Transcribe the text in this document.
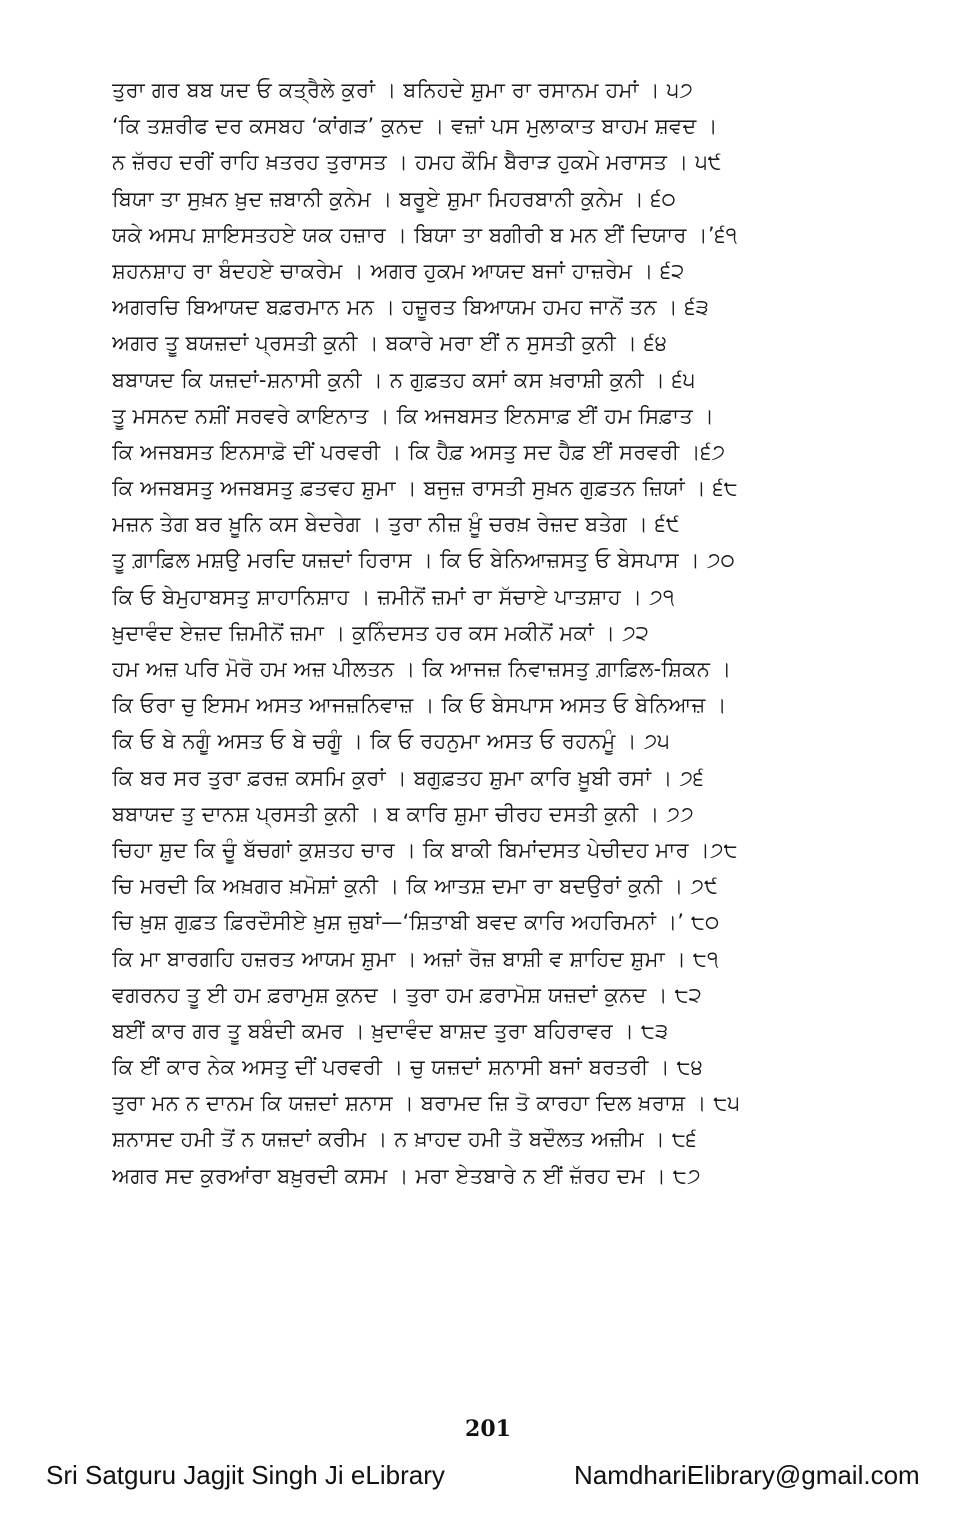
ਤੁਰਾ ਗਰ ਬਬ ਯਦ ਓ ਕਤ੍ਰੈਲੇ ਕੁਰਾਂ । ਬਨਿਹਦੇ ਸ਼ੁਮਾ ਰਾ ਰਸਾਨਮ ਹਮਾਂ । ੫੭
‘ਕਿ ਤਸ਼ਰੀਫ ਦਰ ਕਸਬਹ ‘ਕਾਂਗੜ’ ਕੁਨਦ । ਵਜ਼ਾਂ ਪਸ ਮੁਲਾਕਾਤ ਬਾਹਮ ਸ਼ਵਦ ।
ਨ ਜ਼ੱਰਹ ਦਰੀਂ ਰਾਹਿ ਖ਼ਤਰਹ ਤੁਰਾਸਤ । ਹਮਹ ਕੌਮਿ ਬੈਰਾੜ ਹੁਕਮੇ ਮਰਾਸਤ । ੫੯
ਬਿਯਾ ਤਾ ਸੁਖ਼ਨ ਖ਼ੁਦ ਜ਼ਬਾਨੀ ਕੁਨੇਮ । ਬਰੂਏ ਸ਼ੁਮਾ ਮਿਹਰਬਾਨੀ ਕੁਨੇਮ । ੬੦
ਯਕੇ ਅਸਪ ਸ਼ਾਇਸਤਹਏ ਯਕ ਹਜ਼ਾਰ । ਬਿਯਾ ਤਾ ਬਗੀਰੀ ਬ ਮਨ ਈਂ ਦਿਯਾਰ ।’੬੧
ਸ਼ਹਨਸ਼ਾਹ ਰਾ ਬੰਦਹਏ ਚਾਕਰੇਮ । ਅਗਰ ਹੁਕਮ ਆਯਦ ਬਜਾਂ ਹਾਜ਼ਰੇਮ । ੬੨
ਅਗਰਚਿ ਬਿਆਯਦ ਬਫ਼ਰਮਾਨ ਮਨ । ਹਜ਼ੂਰਤ ਬਿਆਯਮ ਹਮਹ ਜਾਨੋਂ ਤਨ । ੬੩
ਅਗਰ ਤੂ ਬਯਜ਼ਦਾਂ ਪ੍ਰਸਤੀ ਕੁਨੀ । ਬਕਾਰੇ ਮਰਾ ਈਂ ਨ ਸੁਸਤੀ ਕੁਨੀ । ੬੪
ਬਬਾਯਦ ਕਿ ਯਜ਼ਦਾਂ-ਸ਼ਨਾਸੀ ਕੁਨੀ । ਨ ਗੁਫ਼ਤਹ ਕਸਾਂ ਕਸ ਖ਼ਰਾਸ਼ੀ ਕੁਨੀ । ੬੫
ਤੂ ਮਸਨਦ ਨਸ਼ੀਂ ਸਰਵਰੇ ਕਾਇਨਾਤ । ਕਿ ਅਜਬਸਤ ਇਨਸਾਫ਼ ਈਂ ਹਮ ਸਿਫ਼ਾਤ ।
ਕਿ ਅਜਬਸਤ ਇਨਸਾਫ਼ੋ ਦੀਂ ਪਰਵਰੀ । ਕਿ ਹੈਫ਼ ਅਸਤੁ ਸਦ ਹੈਫ਼ ਈਂ ਸਰਵਰੀ ।੬੭
ਕਿ ਅਜਬਸਤੁ ਅਜਬਸਤੁ ਫ਼ਤਵਹ ਸ਼ੁਮਾ । ਬਜੁਜ਼ ਰਾਸਤੀ ਸੁਖ਼ਨ ਗੁਫ਼ਤਨ ਜ਼ਿਯਾਂ । ੬੮
ਮਜ਼ਨ ਤੇਗ ਬਰ ਖ਼ੂਨਿ ਕਸ ਬੇਦਰੇਗ । ਤੁਰਾ ਨੀਜ਼ ਖ਼ੂੰ ਚਰਖ਼ ਰੇਜ਼ਦ ਬਤੇਗ । ੬੯
ਤੂ ਗ਼ਾਫ਼ਿਲ ਮਸ਼ਉ ਮਰਦਿ ਯਜ਼ਦਾਂ ਹਿਰਾਸ । ਕਿ ਓ ਬੇਨਿਆਜ਼ਸਤੁ ਓ ਬੇਸਪਾਸ । ੭੦
ਕਿ ਓ ਬੇਮੁਹਾਬਸਤੁ ਸ਼ਾਹਾਨਿਸ਼ਾਹ । ਜ਼ਮੀਨੋਂ ਜ਼ਮਾਂ ਰਾ ਸੱਚਾਏ ਪਾਤਸ਼ਾਹ । ੭੧
ਖ਼ੁਦਾਵੰਦ ਏਜ਼ਦ ਜ਼ਿਮੀਨੋਂ ਜ਼ਮਾ । ਕੁਨਿੰਦਸਤ ਹਰ ਕਸ ਮਕੀਨੋਂ ਮਕਾਂ । ੭੨
ਹਮ ਅਜ਼ ਪਰਿ ਮੋਰੋ ਹਮ ਅਜ਼ ਪੀਲਤਨ । ਕਿ ਆਜਜ਼ ਨਿਵਾਜ਼ਸਤੁ ਗ਼ਾਫ਼ਿਲ-ਸ਼ਿਕਨ ।
ਕਿ ਓਰਾ ਚੁ ਇਸਮ ਅਸਤ ਆਜਜ਼ਨਿਵਾਜ਼ । ਕਿ ਓ ਬੇਸਪਾਸ ਅਸਤ ਓ ਬੇਨਿਆਜ਼ ।
ਕਿ ਓ ਬੇ ਨਗੂੰ ਅਸਤ ਓ ਬੇ ਚਗੂੰ । ਕਿ ਓ ਰਹਨੁਮਾ ਅਸਤ ਓ ਰਹਨਮੂੰ । ੭੫
ਕਿ ਬਰ ਸਰ ਤੁਰਾ ਫ਼ਰਜ਼ ਕਸਮਿ ਕੁਰਾਂ । ਬਗੁਫ਼ਤਹ ਸ਼ੁਮਾ ਕਾਰਿ ਖ਼ੂਬੀ ਰਸਾਂ । ੭੬
ਬਬਾਯਦ ਤੁ ਦਾਨਸ਼ ਪ੍ਰਸਤੀ ਕੁਨੀ । ਬ ਕਾਰਿ ਸ਼ੁਮਾ ਚੀਰਹ ਦਸਤੀ ਕੁਨੀ । ੭੭
ਚਿਹਾ ਸ਼ੁਦ ਕਿ ਚੂੰ ਬੱਚਗਾਂ ਕੁਸ਼ਤਹ ਚਾਰ । ਕਿ ਬਾਕੀ ਬਿਮਾਂਦਸਤ ਪੇਚੀਦਹ ਮਾਰ ।੭੮
ਚਿ ਮਰਦੀ ਕਿ ਅਖ਼ਗਰ ਖ਼ਮੋਸ਼ਾਂ ਕੁਨੀ । ਕਿ ਆਤਸ਼ ਦਮਾ ਰਾ ਬਦਉਰਾਂ ਕੁਨੀ । ੭੯
ਚਿ ਖ਼ੁਸ਼ ਗੁਫ਼ਤ ਫ਼ਿਰਦੌਸੀਏ ਖ਼ੁਸ਼ ਜ਼ੁਬਾਂ—‘ਸ਼ਿਤਾਬੀ ਬਵਦ ਕਾਰਿ ਅਹਰਿਮਨਾਂ ।’ ੮੦
ਕਿ ਮਾ ਬਾਰਗਹਿ ਹਜ਼ਰਤ ਆਯਮ ਸ਼ੁਮਾ । ਅਜ਼ਾਂ ਰੋਜ਼ ਬਾਸ਼ੀ ਵ ਸ਼ਾਹਿਦ ਸ਼ੁਮਾ । ੮੧
ਵਗਰਨਹ ਤੂ ਈ ਹਮ ਫ਼ਰਾਮੁਸ਼ ਕੁਨਦ । ਤੁਰਾ ਹਮ ਫ਼ਰਾਮੋਸ਼ ਯਜ਼ਦਾਂ ਕੁਨਦ । ੮੨
ਬਈਂ ਕਾਰ ਗਰ ਤੂ ਬਬੰਦੀ ਕਮਰ । ਖ਼ੁਦਾਵੰਦ ਬਾਸ਼ਦ ਤੁਰਾ ਬਹਿਰਾਵਰ । ੮੩
ਕਿ ਈਂ ਕਾਰ ਨੇਕ ਅਸਤੁ ਦੀਂ ਪਰਵਰੀ । ਚੁ ਯਜ਼ਦਾਂ ਸ਼ਨਾਸੀ ਬਜਾਂ ਬਰਤਰੀ । ੮੪
ਤੁਰਾ ਮਨ ਨ ਦਾਨਮ ਕਿ ਯਜ਼ਦਾਂ ਸ਼ਨਾਸ । ਬਰਾਮਦ ਜ਼ਿ ਤੋ ਕਾਰਹਾ ਦਿਲ ਖ਼ਰਾਸ਼ । ੮੫
ਸ਼ਨਾਸਦ ਹਮੀ ਤੋਂ ਨ ਯਜ਼ਦਾਂ ਕਰੀਮ । ਨ ਖ਼ਾਹਦ ਹਮੀ ਤੋ ਬਦੌਲਤ ਅਜ਼ੀਮ । ੮੬
ਅਗਰ ਸਦ ਕੁਰਆਂਰਾ ਬਖ਼ੁਰਦੀ ਕਸਮ । ਮਰਾ ਏਤਬਾਰੇ ਨ ਈਂ ਜ਼ੱਰਹ ਦਮ । ੮੭
201
Sri Satguru Jagjit Singh Ji eLibrary	NamdhariElibrary@gmail.com
